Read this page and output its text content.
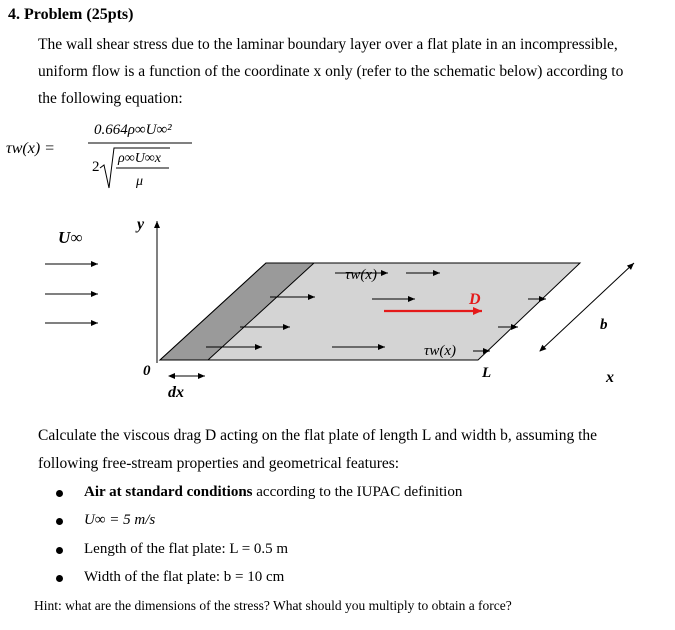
4. Problem (25pts)
The wall shear stress due to the laminar boundary layer over a flat plate in an incompressible,
uniform flow is a function of the coordinate x only (refer to the schematic below) according to
the following equation:
τw(x) =
0.664ρ∞U∞²
2
ρ∞U∞x
μ
U∞
y
τw(x)
τw(x)
D
0	L
dx
b
x
Calculate the viscous drag D acting on the flat plate of length L and width b, assuming the
following free-stream properties and geometrical features:
Air at standard conditions according to the IUPAC definition
U∞ = 5 m/s
Length of the flat plate: L = 0.5 m
Width of the flat plate: b = 10 cm
Hint: what are the dimensions of the stress? What should you multiply to obtain a force?
